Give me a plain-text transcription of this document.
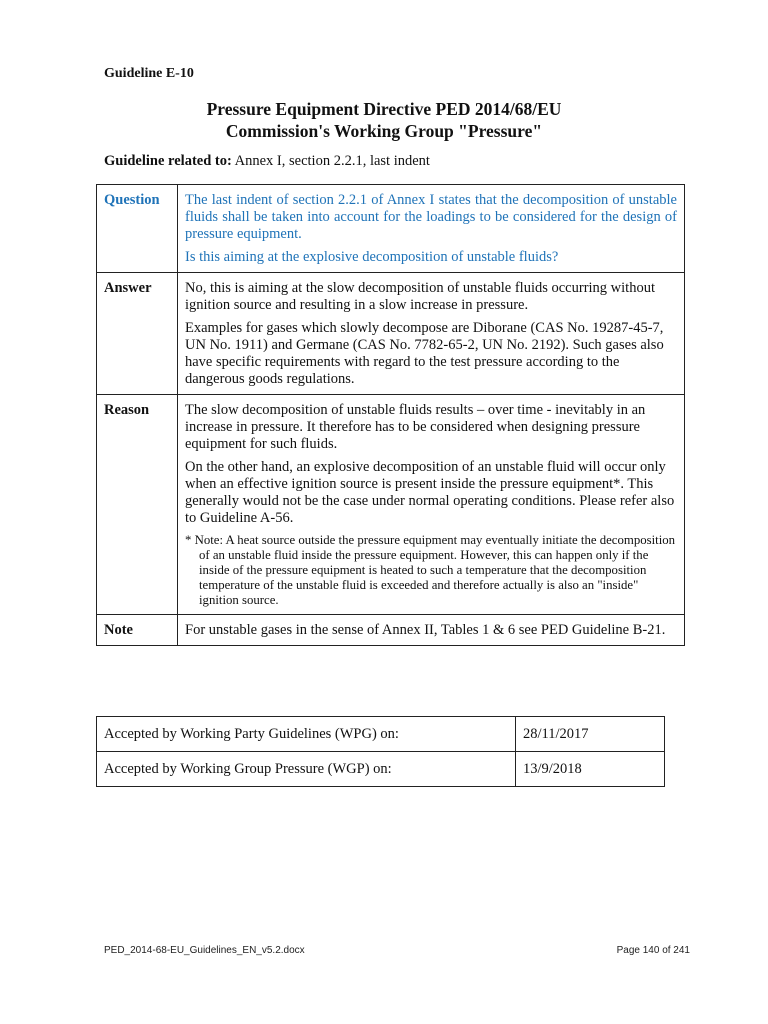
Guideline E-10
Pressure Equipment Directive PED 2014/68/EU
Commission's Working Group "Pressure"
Guideline related to: Annex I, section 2.2.1, last indent
Question	The last indent of section 2.2.1 of Annex I states that the decomposition of unstable fluids shall be taken into account for the loadings to be considered for the design of pressure equipment.

Is this aiming at the explosive decomposition of unstable fluids?

Answer	No, this is aiming at the slow decomposition of unstable fluids occurring without ignition source and resulting in a slow increase in pressure.

Examples for gases which slowly decompose are Diborane (CAS No. 19287-45-7, UN No. 1911) and Germane (CAS No. 7782-65-2, UN No. 2192). Such gases also have specific requirements with regard to the test pressure according to the dangerous goods regulations.

Reason	The slow decomposition of unstable fluids results – over time - inevitably in an increase in pressure. It therefore has to be considered when designing pressure equipment for such fluids.

On the other hand, an explosive decomposition of an unstable fluid will occur only when an effective ignition source is present inside the pressure equipment*. This generally would not be the case under normal operating conditions. Please refer also to Guideline A-56.

* Note: A heat source outside the pressure equipment may eventually initiate the decomposition of an unstable fluid inside the pressure equipment. However, this can happen only if the inside of the pressure equipment is heated to such a temperature that the decomposition temperature of the unstable fluid is exceeded and therefore actually is also an "inside" ignition source.

Note	For unstable gases in the sense of Annex II, Tables 1 & 6 see PED Guideline B-21.

Accepted by Working Party Guidelines (WPG) on:	28/11/2017
Accepted by Working Group Pressure (WGP) on:	13/9/2018
PED_2014-68-EU_Guidelines_EN_v5.2.docx	Page 140 of 241
